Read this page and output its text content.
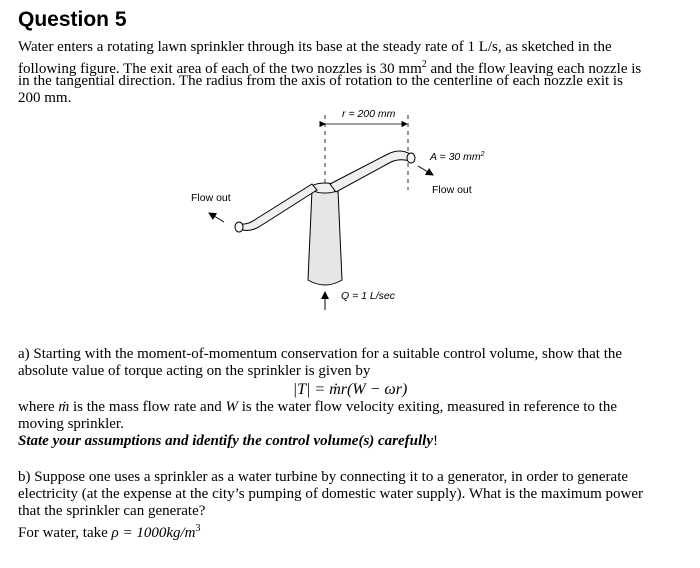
Question 5
Water enters a rotating lawn sprinkler through its base at the steady rate of 1 L/s, as sketched in the
following figure. The exit area of each of the two nozzles is 30 $mm^2$ and the flow leaving each nozzle is
in the tangential direction. The radius from the axis of rotation to the centerline of each nozzle exit is
200 mm.
r = 200 mm
A = 30 $mm^2$
Flow out
Flow out
Q = 1 L/sec
a) Starting with the moment-of-momentum conservation for a suitable control volume, show that the
absolute value of torque acting on the sprinkler is given by
|T| = ṁr(W − ωr)
where ṁ is the mass flow rate and W is the water flow velocity exiting, measured in reference to the
moving sprinkler.
State your assumptions and identify the control volume(s) carefully!
b) Suppose one uses a sprinkler as a water turbine by connecting it to a generator, in order to generate
electricity (at the expense at the city’s pumping of domestic water supply). What is the maximum power
that the sprinkler can generate?
For water, take $\rho = 1000kg/m^3$
